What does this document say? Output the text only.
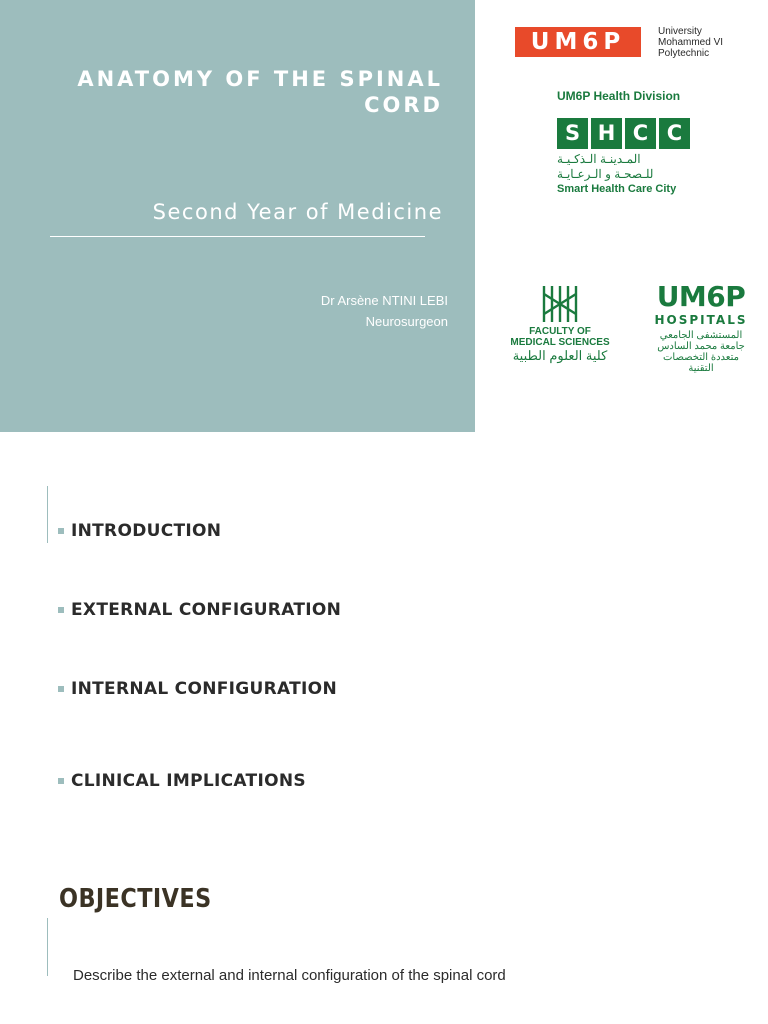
ANATOMY OF THE SPINAL
CORD
Second Year of Medicine
Dr Arsène NTINI LEBI
Neurosurgeon
UM6P	University
Mohammed VI
Polytechnic
UM6P Health Division
S H C C
المـدينـة الـذكـيـة
للـصحـة و الـرعـايـة
Smart Health Care City
FACULTY OF
MEDICAL SCIENCES
كلية العلوم الطبية
UM6P
HOSPITALS
المستشفى الجامعي
جامعة محمد السادس
متعددة التخصصات التقنية
INTRODUCTION
EXTERNAL CONFIGURATION
INTERNAL CONFIGURATION
CLINICAL IMPLICATIONS
OBJECTIVES
Describe the external and internal configuration of the spinal cord
